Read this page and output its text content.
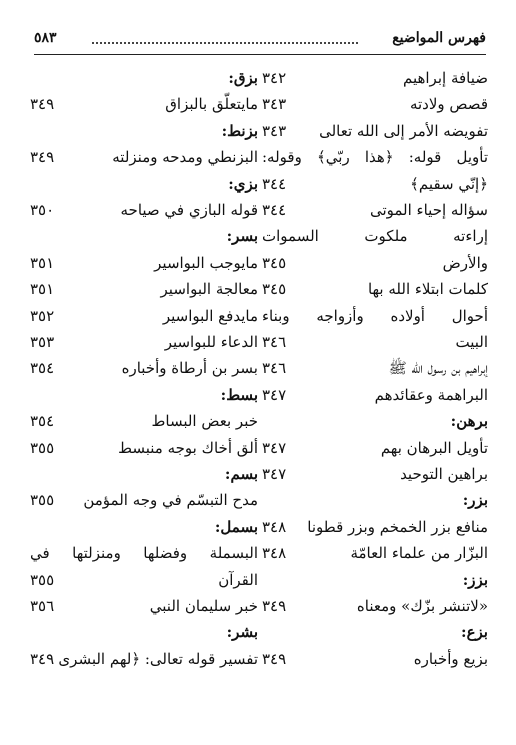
فهرس المواضيع
٥٨٣
ضيافة إبراهيم
٣٤٢
قصص ولادته
٣٤٣
تفويضه الأمر إلى الله تعالى
٣٤٣
تأويل قوله: ﴿هذا ربّي﴾ وقوله:
﴿إنّي سقيم﴾
٣٤٤
سؤاله إحياء الموتى
٣٤٤
إراءته ملكوت السموات
والأرض
٣٤٥
كلمات ابتلاء الله بها
٣٤٥
أحوال أولاده وأزواجه وبناء
البيت
٣٤٦
إبراهيم بن رسول الله ﷺ
٣٤٦
البراهمة وعقائدهم
٣٤٧
برهن:
تأويل البرهان بهم
٣٤٧
براهين التوحيد
٣٤٧
بزر:
منافع بزر الخمخم وبزر قطونا
٣٤٨
البزّار من علماء العامّة
٣٤٨
بزز:
«لاتنشر بزّك» ومعناه
٣٤٩
بزع:
بزيع وأخباره
٣٤٩
بزق:
مايتعلّق بالبزاق
٣٤٩
بزنط:
البزنطي ومدحه ومنزلته
٣٤٩
بزي:
قوله البازي في صياحه
٣٥٠
بسر:
مايوجب البواسير
٣٥١
معالجة البواسير
٣٥١
مايدفع البواسير
٣٥٢
الدعاء للبواسير
٣٥٣
بسر بن أرطاة وأخباره
٣٥٤
بسط:
خبر بعض البساط
٣٥٤
ألق أخاك بوجه منبسط
٣٥٥
بسم:
مدح التبسّم في وجه المؤمن
٣٥٥
بسمل:
البسملة وفضلها ومنزلتها في
القرآن
٣٥٥
خبر سليمان النبي
٣٥٦
بشر:
تفسير قوله تعالى: ﴿لهم البشرى
٣٤٩
